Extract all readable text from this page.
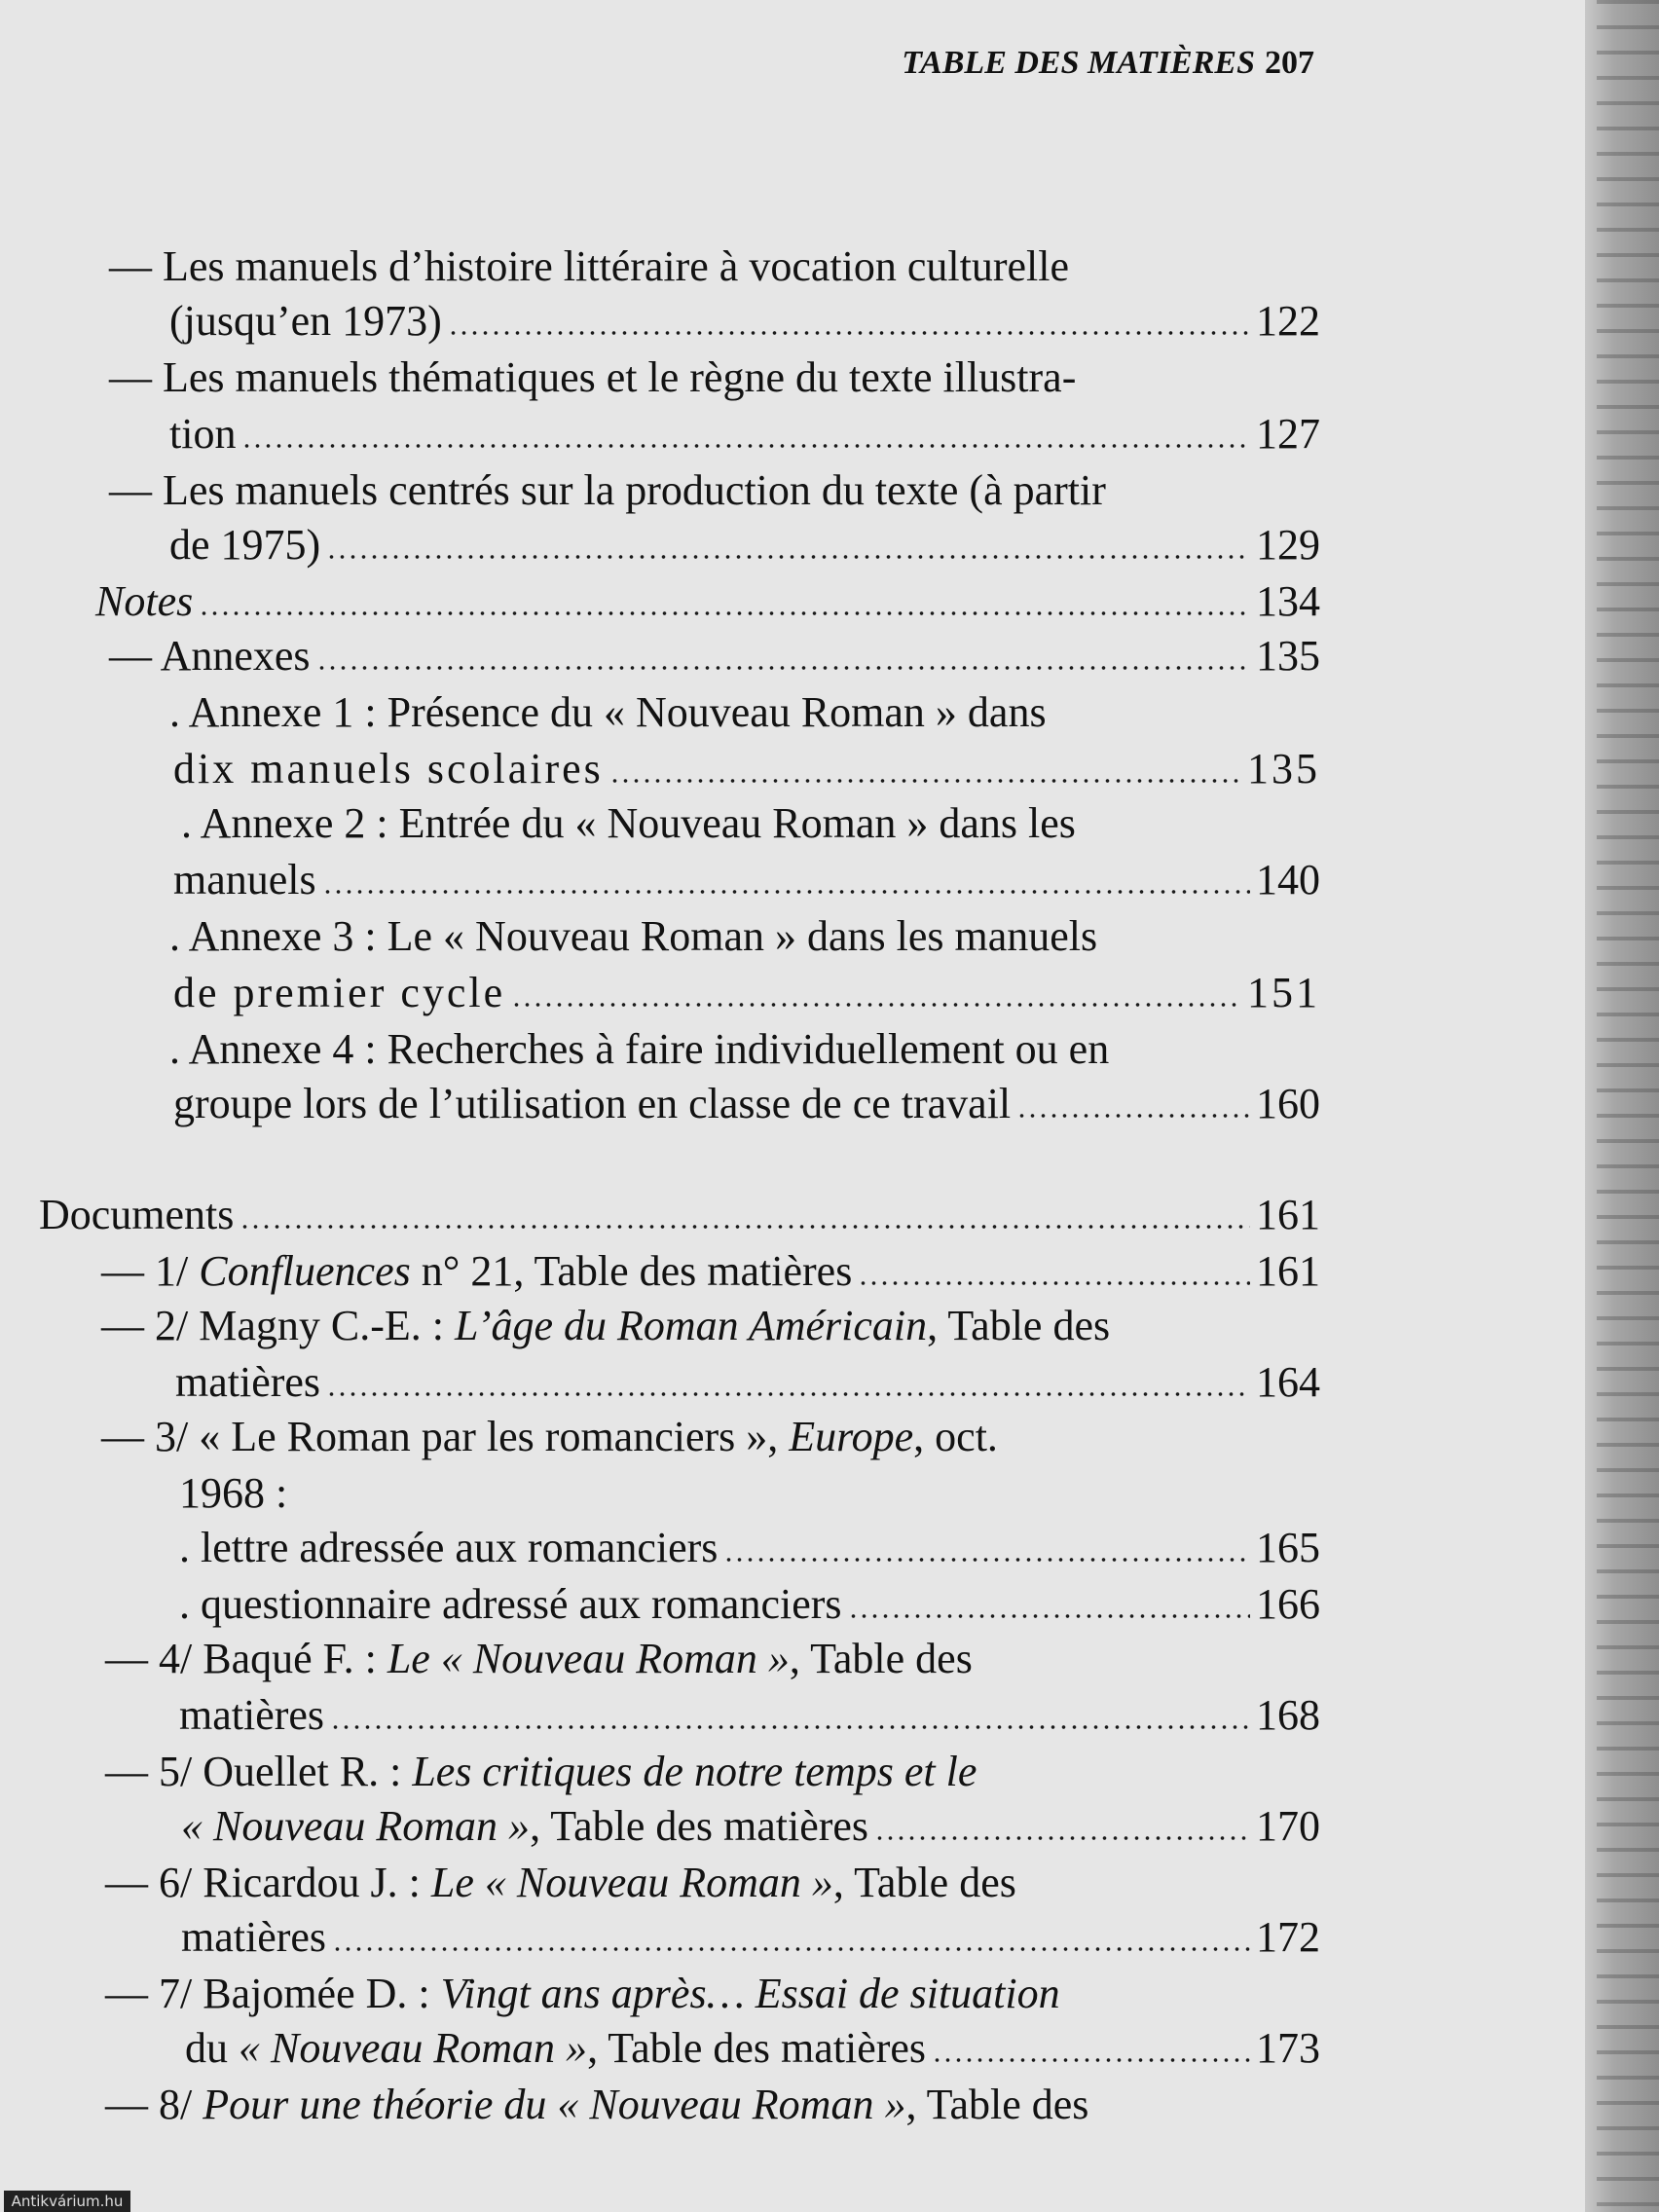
TABLE DES MATIÈRES 207
— Les manuels d’histoire littéraire à vocation culturelle
(jusqu’en 1973)	122
— Les manuels thématiques et le règne du texte illustra-
tion	127
— Les manuels centrés sur la production du texte (à partir
de 1975)	129
Notes	134
— Annexes	135
. Annexe 1 : Présence du « Nouveau Roman » dans
dix manuels scolaires	135
. Annexe 2 : Entrée du « Nouveau Roman » dans les
manuels	140
. Annexe 3 : Le « Nouveau Roman » dans les manuels
de premier cycle	151
. Annexe 4 : Recherches à faire individuellement ou en
groupe lors de l’utilisation en classe de ce travail	160
Documents	161
— 1/ Confluences n° 21, Table des matières	161
— 2/ Magny C.-E. : L’âge du Roman Américain, Table des
matières	164
— 3/ « Le Roman par les romanciers », Europe, oct.
1968 :
. lettre adressée aux romanciers	165
. questionnaire adressé aux romanciers	166
— 4/ Baqué F. : Le « Nouveau Roman », Table des
matières	168
— 5/ Ouellet R. : Les critiques de notre temps et le
« Nouveau Roman », Table des matières	170
— 6/ Ricardou J. : Le « Nouveau Roman », Table des
matières	172
— 7/ Bajomée D. : Vingt ans après… Essai de situation
du « Nouveau Roman », Table des matières	173
— 8/ Pour une théorie du « Nouveau Roman », Table des
Antikvárium.hu
